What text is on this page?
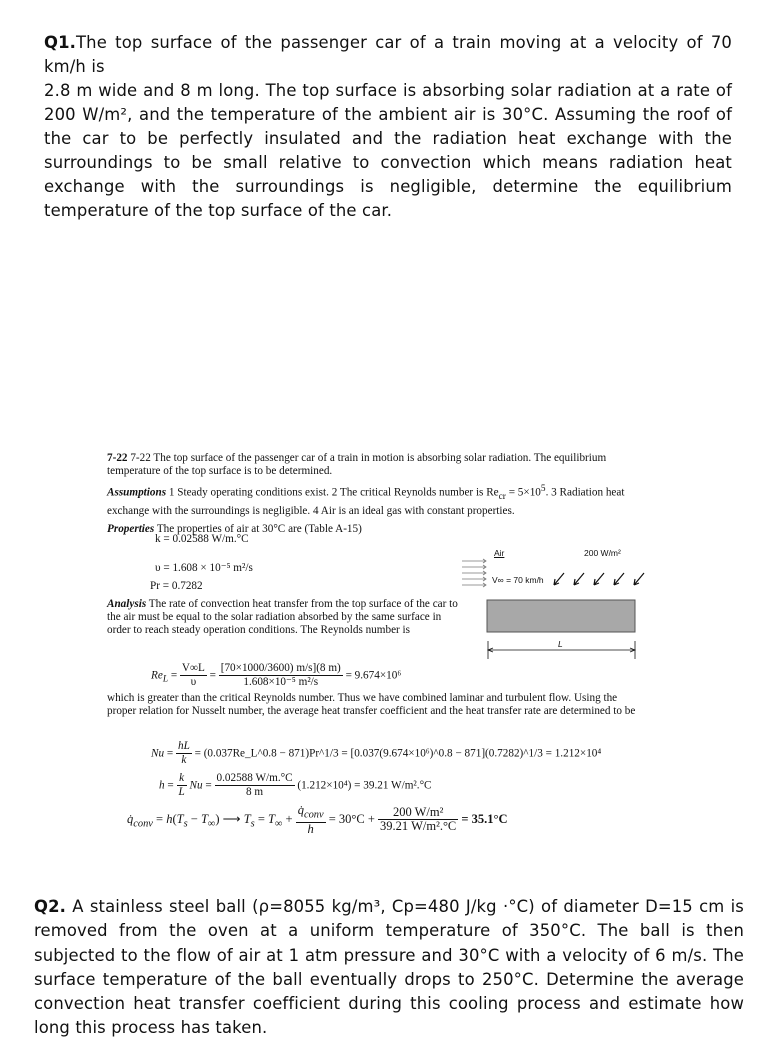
Q1.The top surface of the passenger car of a train moving at a velocity of 70 km/h is

2.8 m wide and 8 m long. The top surface is absorbing solar radiation at a rate of 200 W/m², and the temperature of the ambient air is 30°C. Assuming the roof of the car to be perfectly insulated and the radiation heat exchange with the surroundings to be small relative to convection which means radiation heat exchange with the surroundings is negligible, determine the equilibrium temperature of the top surface of the car.

7-22 7-22 The top surface of the passenger car of a train in motion is absorbing solar radiation. The equilibrium temperature of the top surface is to be determined.

Assumptions 1 Steady operating conditions exist. 2 The critical Reynolds number is $Re_{cr} = 5\times 10^5$. 3 Radiation heat exchange with the surroundings is negligible. 4 Air is an ideal gas with constant properties.

Properties The properties of air at 30°C are (Table A-15)

k = 0.02588 W/m.°C
υ = 1.608 × 10⁻⁵ m²/s
Pr = 0.7282

Analysis The rate of convection heat transfer from the top surface of the car to the air must be equal to the solar radiation absorbed by the same surface in order to reach steady operation conditions. The Reynolds number is

$Re_L = \frac{V\infty L}{\upsilon} = \frac{[70\times 1000/3600) m/s](8 m)}{\text{1.608×10⁻⁵ m²/s}} = 9.674\times 10^6$

which is greater than the critical Reynolds number. Thus we have combined laminar and turbulent flow. Using the proper relation for Nusselt number, the average heat transfer coefficient and the heat transfer rate are determined to be

$Nu = \frac{hL}{k}$ = (0.037Re_L^0.8 − 871)Pr^1/3 = [0.037(9.674×10⁶)^0.8 − 871](0.7282)^1/3 = 1.212×10⁴
$h = \frac{k}{L}$ $Nu = \frac{0.02588 W/m.^\circ C}{8 m} (1.212\times 10^4) = 39.21$ W/m².°C
$q̇_{conv} = h(T_s - T_\infty)$ ⟶ $T_s = T_\infty + \frac{q̇_{conv}}{h} = 30^\circ C + \frac{\text{200 W/m²}}{\text{39.21 W/m².°C}} = 35.1^\circ C$
Air	200 W/m²
V∞ = 70 km/h
L

Q2. A stainless steel ball (ρ=8055 kg/m³, Cp=480 J/kg ·°C) of diameter D=15 cm is removed from the oven at a uniform temperature of 350°C. The ball is then subjected to the flow of air at 1 atm pressure and 30°C with a velocity of 6 m/s. The surface temperature of the ball eventually drops to 250°C. Determine the average convection heat transfer coefficient during this cooling process and estimate how long this process has taken.
